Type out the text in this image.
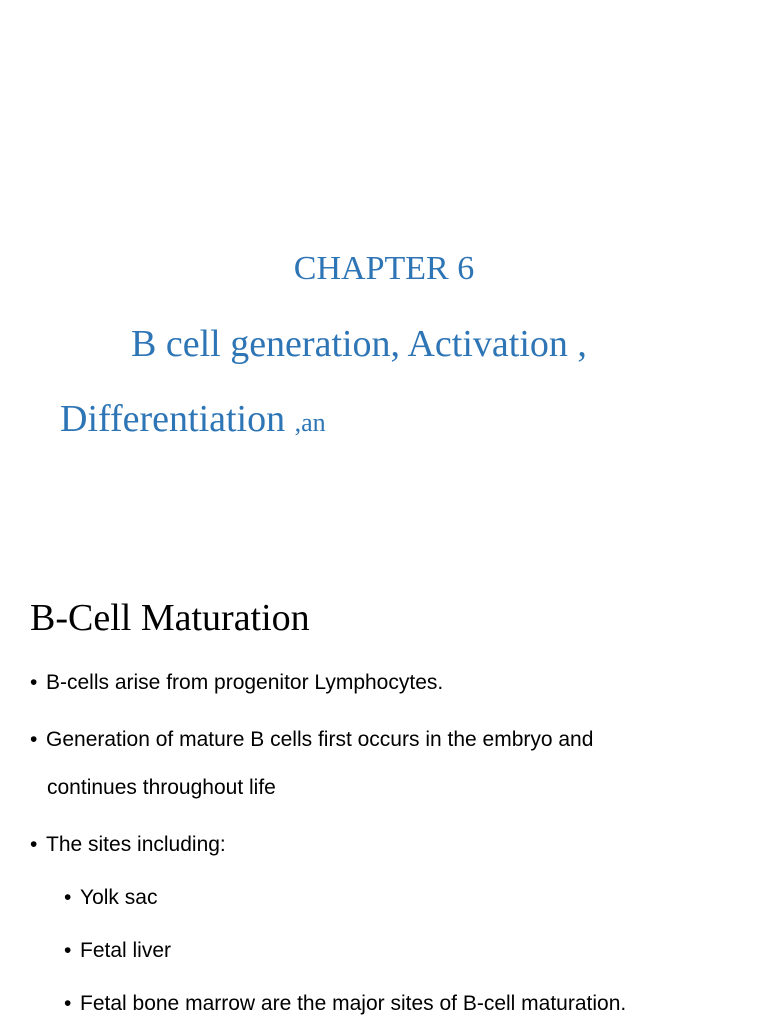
CHAPTER 6
B cell generation, Activation ,
Differentiation ,an
B-Cell Maturation
• B-cells arise from progenitor Lymphocytes.
• Generation of mature B cells first occurs in the embryo and
continues throughout life
• The sites including:
• Yolk sac
• Fetal liver
• Fetal bone marrow are the major sites of B-cell maturation.
